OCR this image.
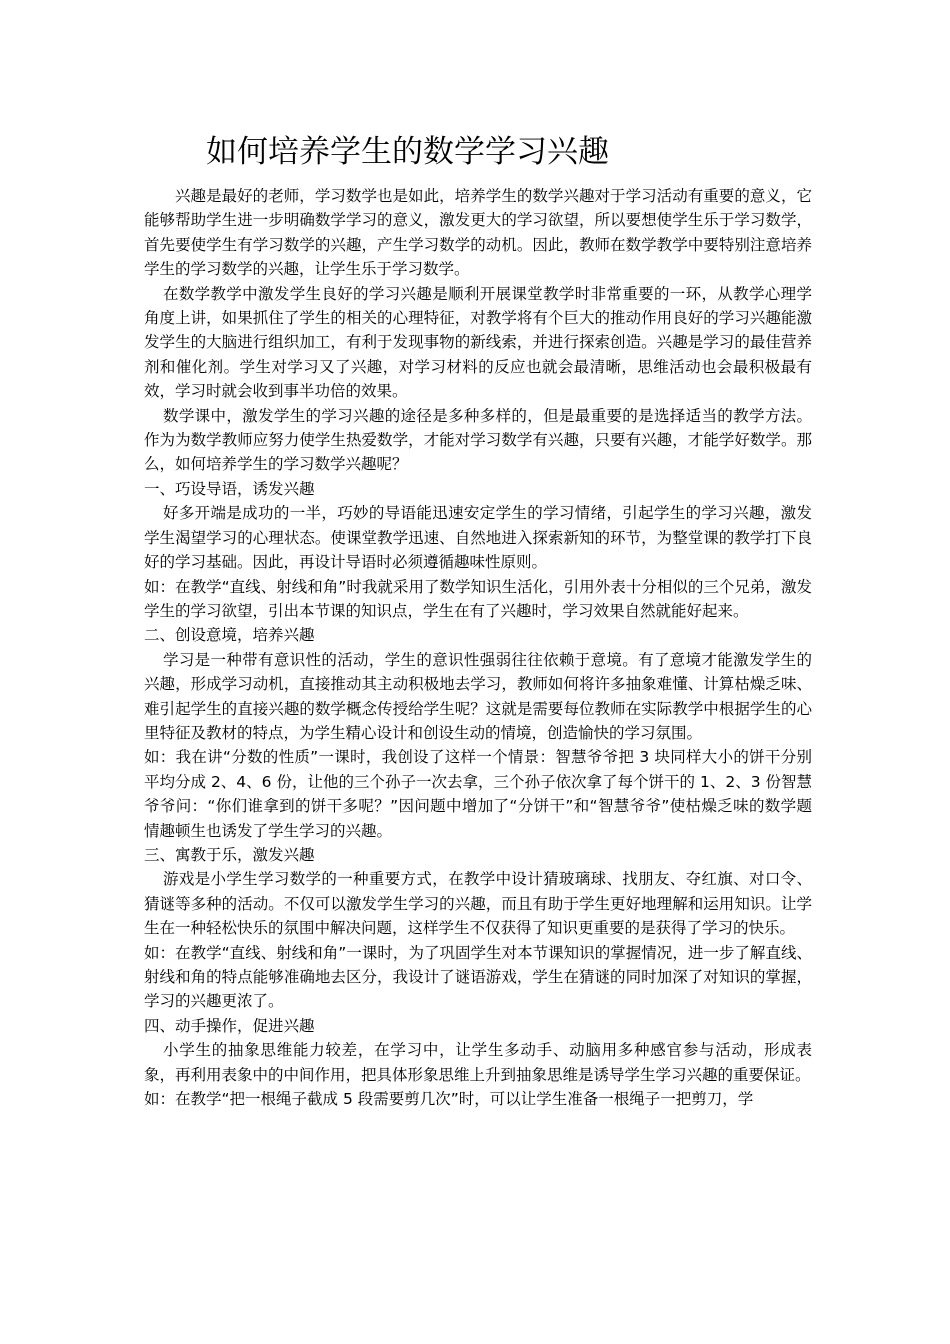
如何培养学生的数学学习兴趣

兴趣是最好的老师，学习数学也是如此，培养学生的数学兴趣对于学习活动有重要的意义，它能够帮助学生进一步明确数学学习的意义，激发更大的学习欲望，所以要想使学生乐于学习数学，首先要使学生有学习数学的兴趣，产生学习数学的动机。因此，教师在数学教学中要特别注意培养学生的学习数学的兴趣，让学生乐于学习数学。

在数学教学中激发学生良好的学习兴趣是顺利开展课堂教学时非常重要的一环，从教学心理学角度上讲，如果抓住了学生的相关的心理特征，对教学将有个巨大的推动作用良好的学习兴趣能激发学生的大脑进行组织加工，有利于发现事物的新线索，并进行探索创造。兴趣是学习的最佳营养剂和催化剂。学生对学习又了兴趣，对学习材料的反应也就会最清晰，思维活动也会最积极最有效，学习时就会收到事半功倍的效果。

数学课中，激发学生的学习兴趣的途径是多种多样的，但是最重要的是选择适当的教学方法。作为为数学教师应努力使学生热爱数学，才能对学习数学有兴趣，只要有兴趣，才能学好数学。那么，如何培养学生的学习数学兴趣呢？

一、巧设导语，诱发兴趣

好多开端是成功的一半，巧妙的导语能迅速安定学生的学习情绪，引起学生的学习兴趣，激发学生渴望学习的心理状态。使课堂教学迅速、自然地进入探索新知的环节，为整堂课的教学打下良好的学习基础。因此，再设计导语时必须遵循趣味性原则。

如：在教学“直线、射线和角”时我就采用了数学知识生活化，引用外表十分相似的三个兄弟，激发学生的学习欲望，引出本节课的知识点，学生在有了兴趣时，学习效果自然就能好起来。

二、创设意境，培养兴趣

学习是一种带有意识性的活动，学生的意识性强弱往往依赖于意境。有了意境才能激发学生的兴趣，形成学习动机，直接推动其主动积极地去学习，教师如何将许多抽象难懂、计算枯燥乏味、难引起学生的直接兴趣的数学概念传授给学生呢？这就是需要每位教师在实际教学中根据学生的心里特征及教材的特点，为学生精心设计和创设生动的情境，创造愉快的学习氛围。

如：我在讲“分数的性质”一课时，我创设了这样一个情景：智慧爷爷把 3 块同样大小的饼干分别平均分成 2、4、6 份，让他的三个孙子一次去拿，三个孙子依次拿了每个饼干的 1、2、3 份智慧爷爷问：“你们谁拿到的饼干多呢？”因问题中增加了“分饼干”和“智慧爷爷”使枯燥乏味的数学题情趣顿生也诱发了学生学习的兴趣。

三、寓教于乐，激发兴趣

游戏是小学生学习数学的一种重要方式，在教学中设计猜玻璃球、找朋友、夺红旗、对口令、猜谜等多种的活动。不仅可以激发学生学习的兴趣，而且有助于学生更好地理解和运用知识。让学生在一种轻松快乐的氛围中解决问题，这样学生不仅获得了知识更重要的是获得了学习的快乐。

如：在教学“直线、射线和角”一课时，为了巩固学生对本节课知识的掌握情况，进一步了解直线、射线和角的特点能够准确地去区分，我设计了谜语游戏，学生在猜谜的同时加深了对知识的掌握，学习的兴趣更浓了。

四、动手操作，促进兴趣

小学生的抽象思维能力较差，在学习中，让学生多动手、动脑用多种感官参与活动，形成表象，再利用表象中的中间作用，把具体形象思维上升到抽象思维是诱导学生学习兴趣的重要保证。

如：在教学“把一根绳子截成 5 段需要剪几次”时，可以让学生准备一根绳子一把剪刀，学
